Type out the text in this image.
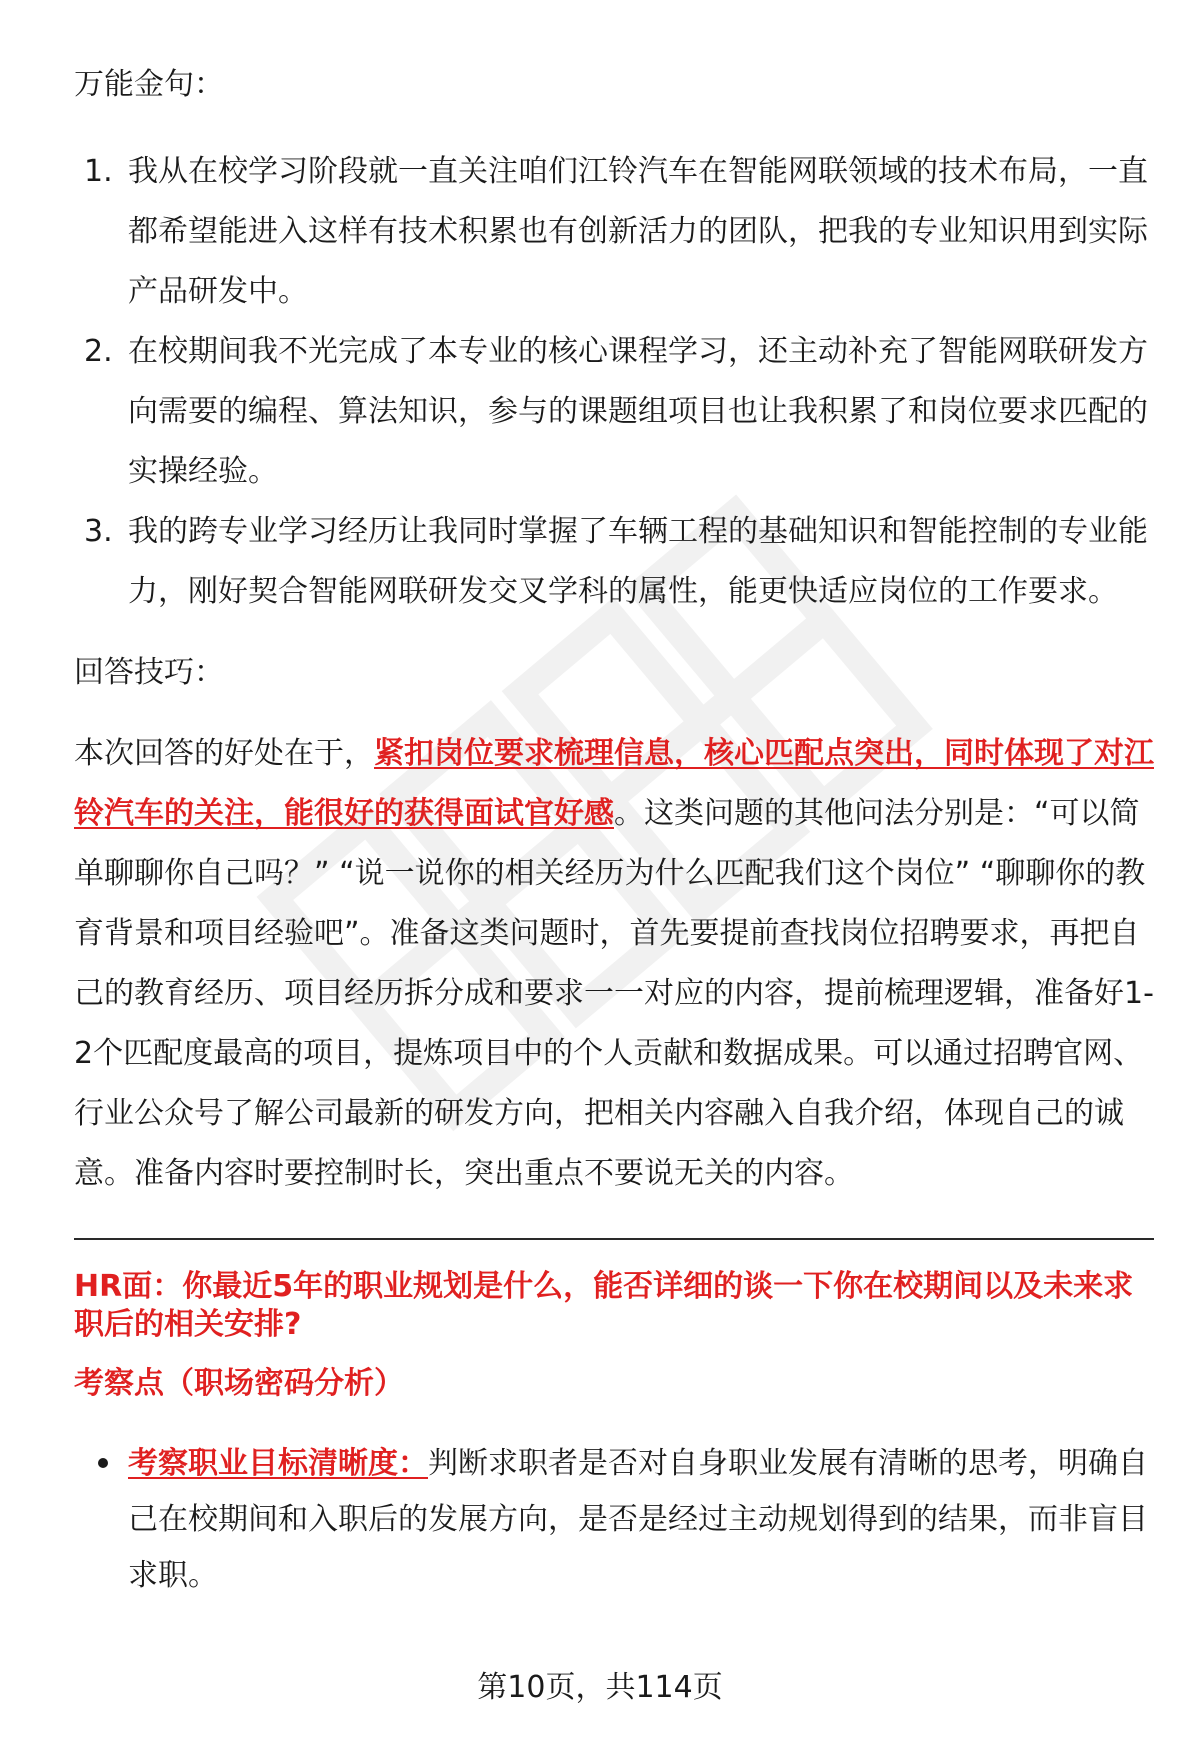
万能金句：

1. 我从在校学习阶段就一直关注咱们江铃汽车在智能网联领域的技术布局，一直都希望能进入这样有技术积累也有创新活力的团队，把我的专业知识用到实际产品研发中。
2. 在校期间我不光完成了本专业的核心课程学习，还主动补充了智能网联研发方向需要的编程、算法知识，参与的课题组项目也让我积累了和岗位要求匹配的实操经验。
3. 我的跨专业学习经历让我同时掌握了车辆工程的基础知识和智能控制的专业能力，刚好契合智能网联研发交叉学科的属性，能更快适应岗位的工作要求。

回答技巧：

本次回答的好处在于，紧扣岗位要求梳理信息，核心匹配点突出，同时体现了对江铃汽车的关注，能很好的获得面试官好感。这类问题的其他问法分别是：“可以简单聊聊你自己吗？” “说一说你的相关经历为什么匹配我们这个岗位” “聊聊你的教育背景和项目经验吧”。准备这类问题时，首先要提前查找岗位招聘要求，再把自己的教育经历、项目经历拆分成和要求一一对应的内容，提前梳理逻辑，准备好1-2个匹配度最高的项目，提炼项目中的个人贡献和数据成果。可以通过招聘官网、行业公众号了解公司最新的研发方向，把相关内容融入自我介绍，体现自己的诚意。准备内容时要控制时长，突出重点不要说无关的内容。

HR面：你最近5年的职业规划是什么，能否详细的谈一下你在校期间以及未来求职后的相关安排?

考察点（职场密码分析）

考察职业目标清晰度：判断求职者是否对自身职业发展有清晰的思考，明确自己在校期间和入职后的发展方向，是否是经过主动规划得到的结果，而非盲目求职。
第10页，共114页
